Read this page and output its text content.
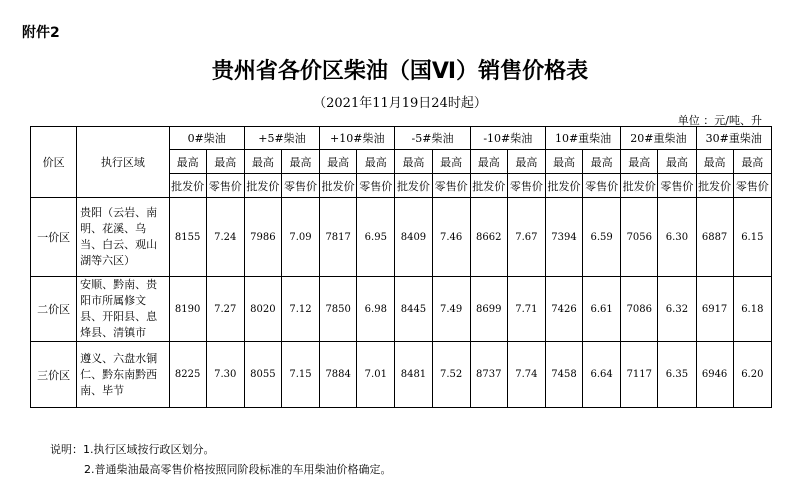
附件2
贵州省各价区柴油（国Ⅵ）销售价格表
（2021年11月19日24时起）
单位 ：元/吨、升
价区	执行区域	0#柴油		+5#柴油		+10#柴油		-5#柴油		-10#柴油		10#重柴油		20#重柴油		30#重柴油	
		最高	最高	最高	最高	最高	最高	最高	最高	最高	最高	最高	最高	最高	最高	最高	最高
		批发价	零售价	批发价	零售价	批发价	零售价	批发价	零售价	批发价	零售价	批发价	零售价	批发价	零售价	批发价	零售价
一价区	贵阳（云岩、南明、花溪、乌当、白云、观山湖等六区）	8155	7.24	7986	7.09	7817	6.95	8409	7.46	8662	7.67	7394	6.59	7056	6.30	6887	6.15
二价区	安顺、黔南、贵阳市所属修文县、开阳县、息烽县、清镇市	8190	7.27	8020	7.12	7850	6.98	8445	7.49	8699	7.71	7426	6.61	7086	6.32	6917	6.18
三价区	遵义、六盘水铜仁、黔东南黔西南、毕节	8225	7.30	8055	7.15	7884	7.01	8481	7.52	8737	7.74	7458	6.64	7117	6.35	6946	6.20
说明：1.执行区域按行政区划分。
2.普通柴油最高零售价格按照同阶段标准的车用柴油价格确定。
